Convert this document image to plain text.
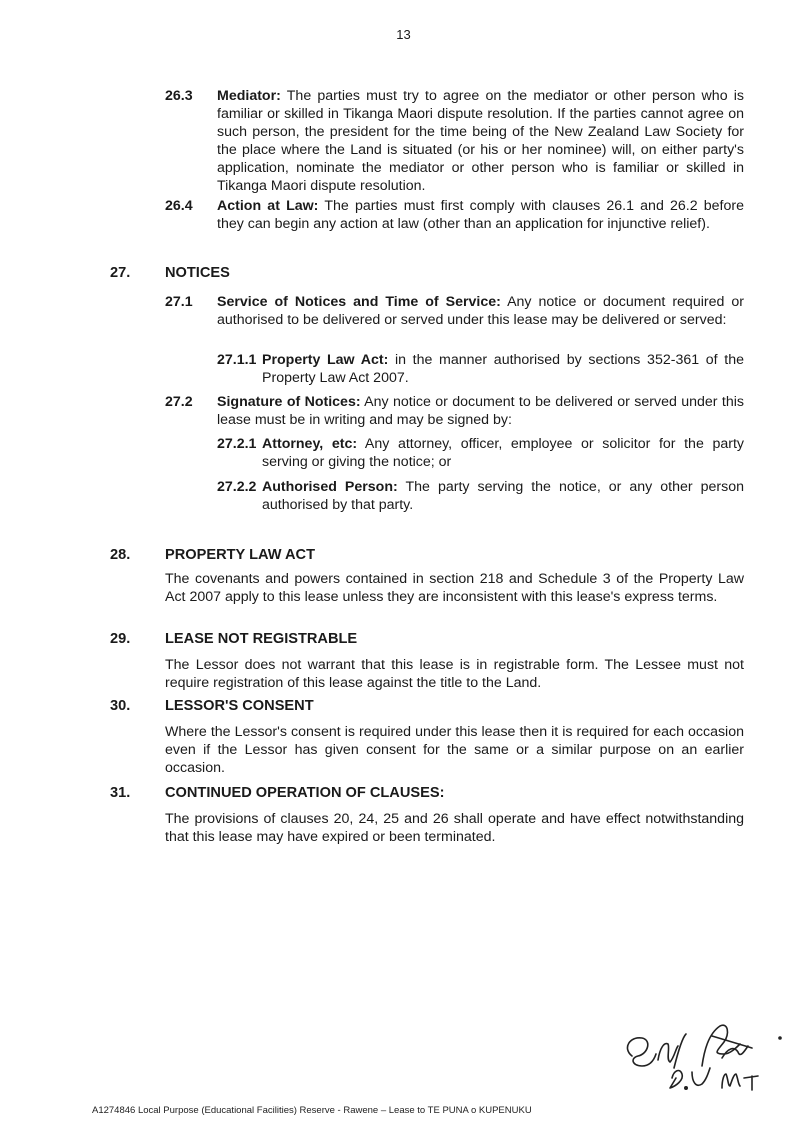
13
26.3 Mediator: The parties must try to agree on the mediator or other person who is familiar or skilled in Tikanga Maori dispute resolution. If the parties cannot agree on such person, the president for the time being of the New Zealand Law Society for the place where the Land is situated (or his or her nominee) will, on either party's application, nominate the mediator or other person who is familiar or skilled in Tikanga Maori dispute resolution.
26.4 Action at Law: The parties must first comply with clauses 26.1 and 26.2 before they can begin any action at law (other than an application for injunctive relief).
27. NOTICES
27.1 Service of Notices and Time of Service: Any notice or document required or authorised to be delivered or served under this lease may be delivered or served:
27.1.1 Property Law Act: in the manner authorised by sections 352-361 of the Property Law Act 2007.
27.2 Signature of Notices: Any notice or document to be delivered or served under this lease must be in writing and may be signed by:
27.2.1 Attorney, etc: Any attorney, officer, employee or solicitor for the party serving or giving the notice; or
27.2.2 Authorised Person: The party serving the notice, or any other person authorised by that party.
28. PROPERTY LAW ACT
The covenants and powers contained in section 218 and Schedule 3 of the Property Law Act 2007 apply to this lease unless they are inconsistent with this lease's express terms.
29. LEASE NOT REGISTRABLE
The Lessor does not warrant that this lease is in registrable form. The Lessee must not require registration of this lease against the title to the Land.
30. LESSOR'S CONSENT
Where the Lessor's consent is required under this lease then it is required for each occasion even if the Lessor has given consent for the same or a similar purpose on an earlier occasion.
31. CONTINUED OPERATION OF CLAUSES:
The provisions of clauses 20, 24, 25 and 26 shall operate and have effect notwithstanding that this lease may have expired or been terminated.
A1274846 Local Purpose (Educational Facilities) Reserve - Rawene – Lease to TE PUNA o KUPENUKU
